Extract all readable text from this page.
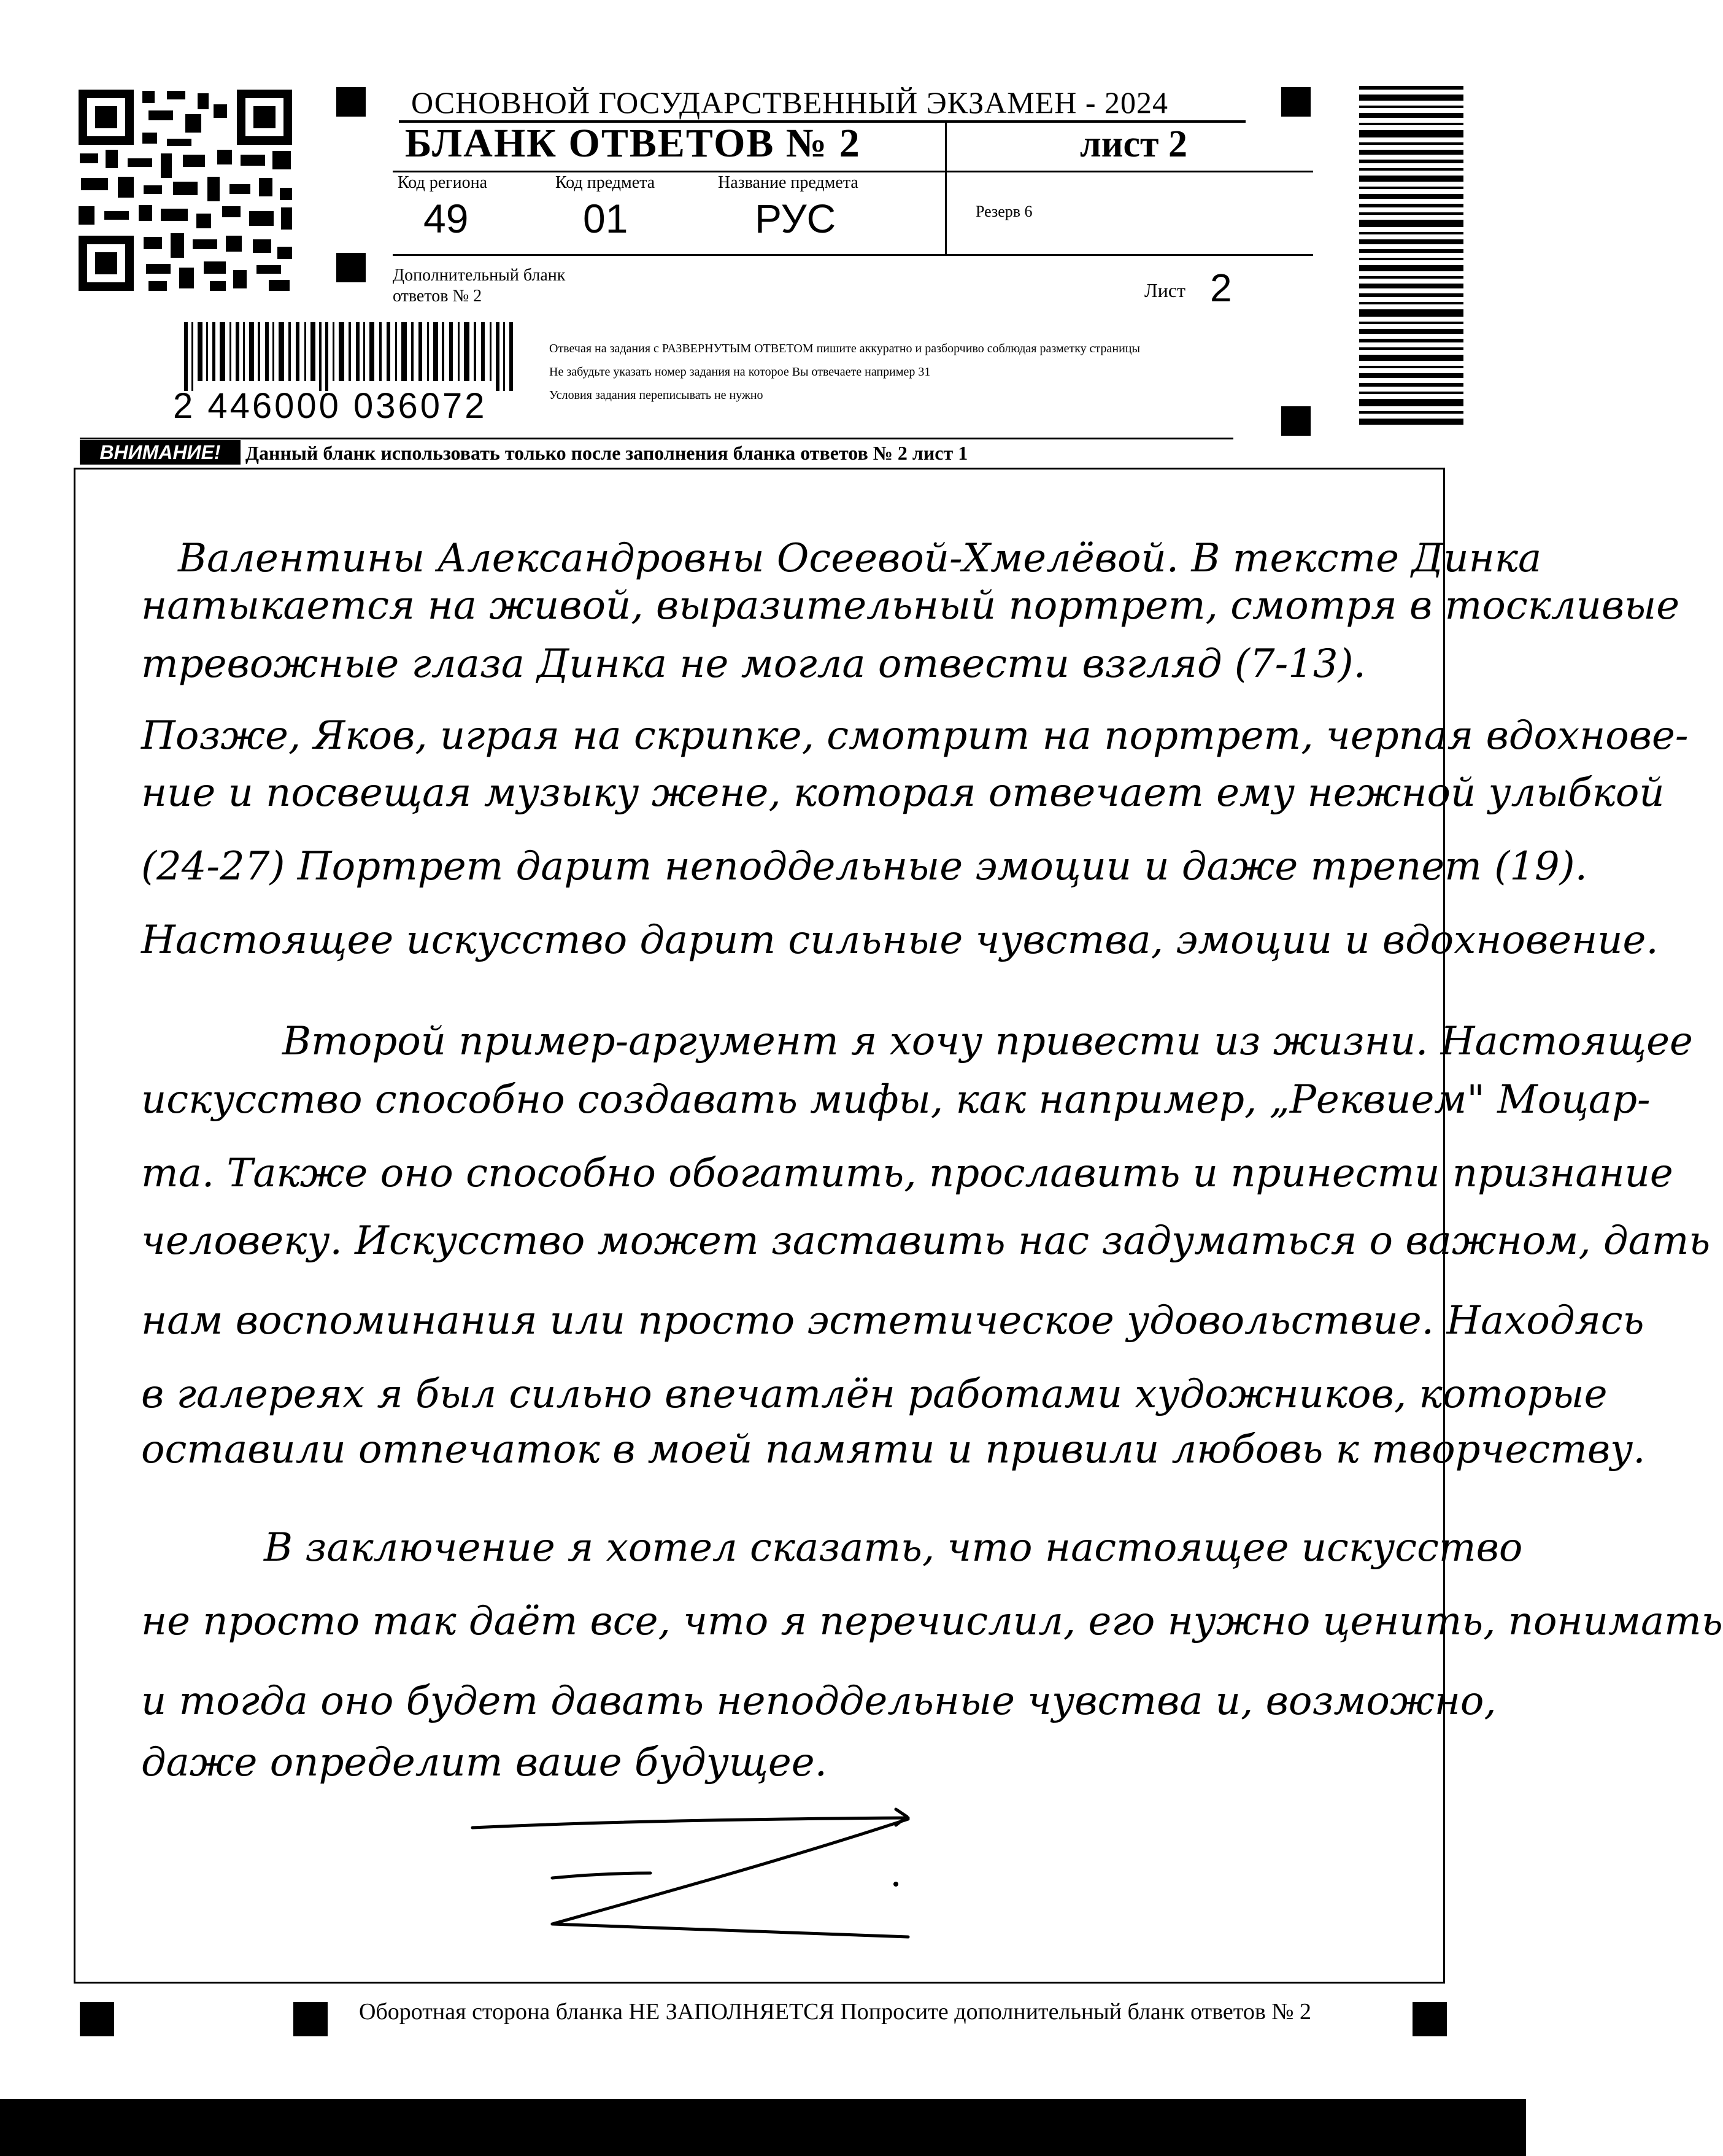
ОСНОВНОЙ ГОСУДАРСТВЕННЫЙ ЭКЗАМЕН - 2024
БЛАНК ОТВЕТОВ № 2	лист 2
Код региона	Код предмета	Название предмета
49	01	РУС	Резерв 6
Дополнительный бланк ответов № 2	Лист 2
2 446000 036072
Отвечая на задания с РАЗВЕРНУТЫМ ОТВЕТОМ пишите аккуратно и разборчиво соблюдая разметку страницы
Не забудьте указать номер задания на которое Вы отвечаете например 31
Условия задания переписывать не нужно
ВНИМАНИЕ!	Данный бланк использовать только после заполнения бланка ответов № 2 лист 1
Валентины Александровны Осеевой-Хмелёвой. В тексте Динка
натыкается на живой, выразительный портрет, смотря в тоскливые
тревожные глаза Динка не могла отвести взгляд (7-13).
Позже, Яков, играя на скрипке, смотрит на портрет, черпая вдохнове-
ние и посвещая музыку жене, которая отвечает ему нежной улыбкой
(24-27) Портрет дарит неподдельные эмоции и даже трепет (19).
Настоящее искусство дарит сильные чувства, эмоции и вдохновение.
Второй пример-аргумент я хочу привести из жизни. Настоящее
искусство способно создавать мифы, как например, „Реквием" Моцар-
та. Также оно способно обогатить, прославить и принести признание
человеку. Искусство может заставить нас задуматься о важном, дать
нам воспоминания или просто эстетическое удовольствие. Находясь
в галереях я был сильно впечатлён работами художников, которые
оставили отпечаток в моей памяти и привили любовь к творчеству.
В заключение я хотел сказать, что настоящее искусство
не просто так даёт все, что я перечислил, его нужно ценить, понимать
и тогда оно будет давать неподдельные чувства и, возможно,
даже определит ваше будущее.
Оборотная сторона бланка НЕ ЗАПОЛНЯЕТСЯ Попросите дополнительный бланк ответов № 2
